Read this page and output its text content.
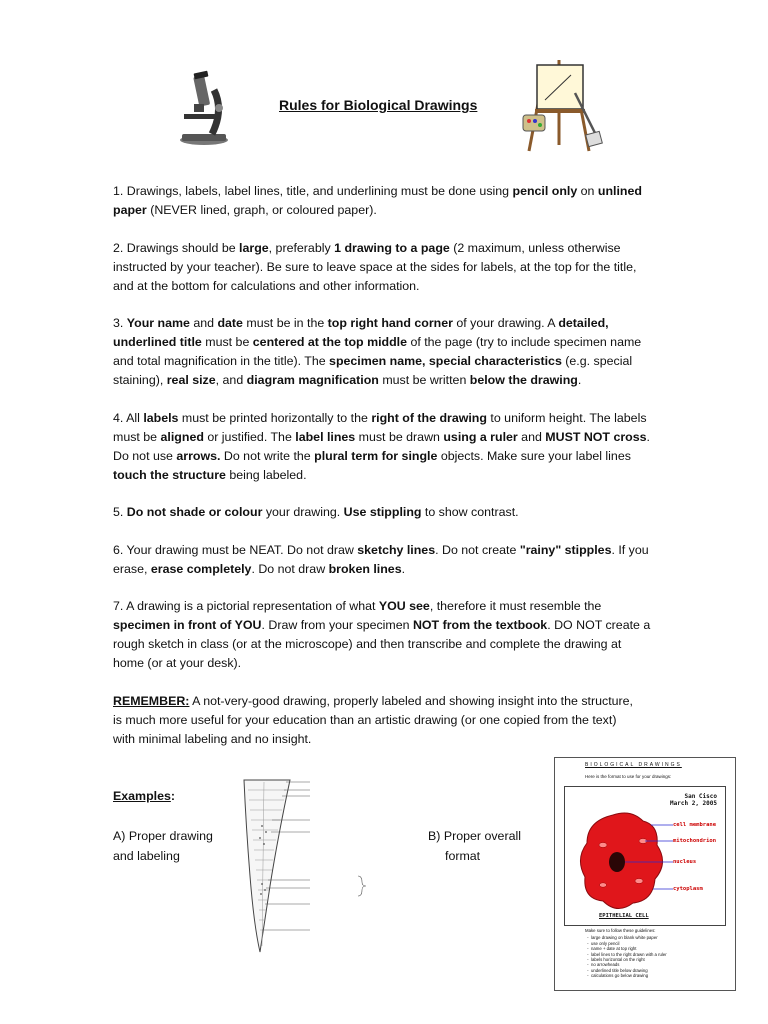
Rules for Biological Drawings

1. Drawings, labels, label lines, title, and underlining must be done using pencil only on unlined paper (NEVER lined, graph, or coloured paper).

2. Drawings should be large, preferably 1 drawing to a page (2 maximum, unless otherwise instructed by your teacher). Be sure to leave space at the sides for labels, at the top for the title, and at the bottom for calculations and other information.

3. Your name and date must be in the top right hand corner of your drawing. A detailed, underlined title must be centered at the top middle of the page (try to include specimen name and total magnification in the title). The specimen name, special characteristics (e.g. special staining), real size, and diagram magnification must be written below the drawing.

4. All labels must be printed horizontally to the right of the drawing to uniform height. The labels must be aligned or justified. The label lines must be drawn using a ruler and MUST NOT cross. Do not use arrows. Do not write the plural term for single objects. Make sure your label lines touch the structure being labeled.

5. Do not shade or colour your drawing. Use stippling to show contrast.

6. Your drawing must be NEAT. Do not draw sketchy lines. Do not create "rainy" stipples. If you erase, erase completely. Do not draw broken lines.

7. A drawing is a pictorial representation of what YOU see, therefore it must resemble the specimen in front of YOU. Draw from your specimen NOT from the textbook. DO NOT create a rough sketch in class (or at the microscope) and then transcribe and complete the drawing at home (or at your desk).

REMEMBER: A not-very-good drawing, properly labeled and showing insight into the structure, is much more useful for your education than an artistic drawing (or one copied from the text) with minimal labeling and no insight.

Examples:
A) Proper drawing
and labeling
B) Proper overall

format
BIOLOGICAL DRAWINGS
Here is the format to use for your drawings:
San Cisco
March 2, 2005
cell membrane
mitochondrion
nucleus
cytoplasm
EPITHELIAL CELL
Make sure to follow these guidelines:
- large drawing on blank white paper
- use only pencil
- name + date at top right
- label lines to the right drawn with a ruler
- labels horizontal on the right
- no arrowheads
- underlined title below drawing
- calculations go below drawing
